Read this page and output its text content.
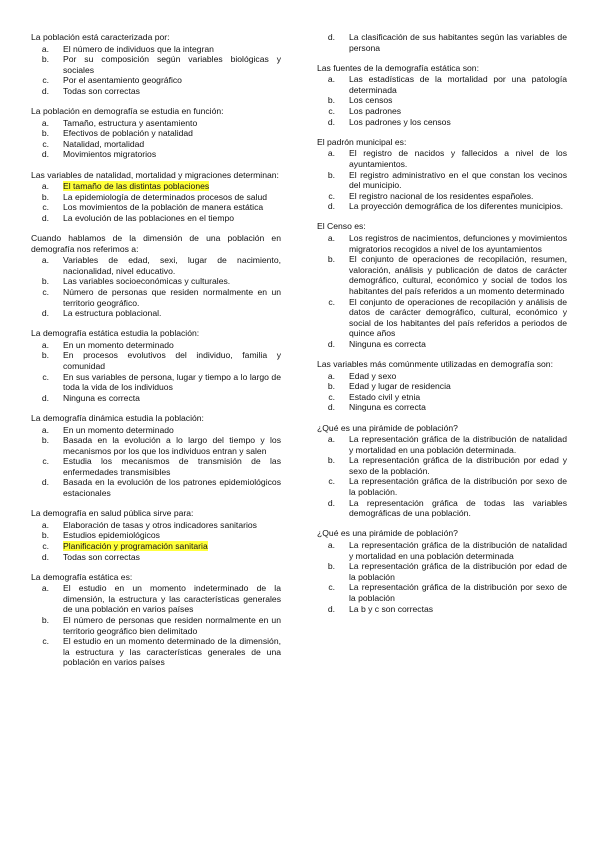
La población está caracterizada por:
a.	El número de individuos que la integran
b.	Por su composición según variables biológicas y sociales
c.	Por el asentamiento geográfico
d.	Todas son correctas
La población en demografía se estudia en función:
a.	Tamaño, estructura y asentamiento
b.	Efectivos de población y natalidad
c.	Natalidad, mortalidad
d.	Movimientos migratorios
Las variables de natalidad, mortalidad y migraciones determinan:
a.	El tamaño de las distintas poblaciones
b.	La epidemiología de determinados procesos de salud
c.	Los movimientos de la población de manera estática
d.	La evolución de las poblaciones en el tiempo
Cuando hablamos de la dimensión de una población en demografía nos referimos a:
a.	Variables de edad, sexi, lugar de nacimiento, nacionalidad, nivel educativo.
b.	Las variables socioeconómicas y culturales.
c.	Número de personas que residen normalmente en un territorio geográfico.
d.	La estructura poblacional.
La demografía estática estudia la población:
a.	En un momento determinado
b.	En procesos evolutivos del individuo, familia y comunidad
c.	En sus variables de persona, lugar y tiempo a lo largo de toda la vida de los individuos
d.	Ninguna es correcta
La demografía dinámica estudia la población:
a.	En un momento determinado
b.	Basada en la evolución a lo largo del tiempo y los mecanismos por los que los individuos entran y salen
c.	Estudia los mecanismos de transmisión de las enfermedades transmisibles
d.	Basada en la evolución de los patrones epidemiológicos estacionales
La demografía en salud pública sirve para:
a.	Elaboración de tasas y otros indicadores sanitarios
b.	Estudios epidemiológicos
c.	Planificación y programación sanitaria
d.	Todas son correctas
La demografía estática es:
a.	El estudio en un momento indeterminado de la dimensión, la estructura y las características generales de una población en varios países
b.	El número de personas que residen normalmente en un territorio geográfico bien delimitado
c.	El estudio en un momento determinado de la dimensión, la estructura y las características generales de una población en varios países
d.	La clasificación de sus habitantes según las variables de persona
Las fuentes de la demografía estática son:
a.	Las estadísticas de la mortalidad por una patología determinada
b.	Los censos
c.	Los padrones
d.	Los padrones y los censos
El padrón municipal es:
a.	El registro de nacidos y fallecidos a nivel de los ayuntamientos.
b.	El registro administrativo en el que constan los vecinos del municipio.
c.	El registro nacional de los residentes españoles.
d.	La proyección demográfica de los diferentes municipios.
El Censo es:
a.	Los registros de nacimientos, defunciones y movimientos migratorios recogidos a nivel de los ayuntamientos
b.	El conjunto de operaciones de recopilación, resumen, valoración, análisis y publicación de datos de carácter demográfico, cultural, económico y social de todos los habitantes del país referidos a un momento determinado
c.	El conjunto de operaciones de recopilación y análisis de datos de carácter demográfico, cultural, económico y social de los habitantes del país referidos a periodos de quince años
d.	Ninguna es correcta
Las variables más comúnmente utilizadas en demografía son:
a.	Edad y sexo
b.	Edad y lugar de residencia
c.	Estado civil y etnia
d.	Ninguna es correcta
¿Qué es una pirámide de población?
a.	La representación gráfica de la distribución de natalidad y mortalidad en una población determinada.
b.	La representación gráfica de la distribución por edad y sexo de la población.
c.	La representación gráfica de la distribución por sexo de la población.
d.	La representación gráfica de todas las variables demográficas de una población.
¿Qué es una pirámide de población?
a.	La representación gráfica de la distribución de natalidad y mortalidad en una población determinada
b.	La representación gráfica de la distribución por edad de la población
c.	La representación gráfica de la distribución por sexo de la población
d.	La b y c son correctas
